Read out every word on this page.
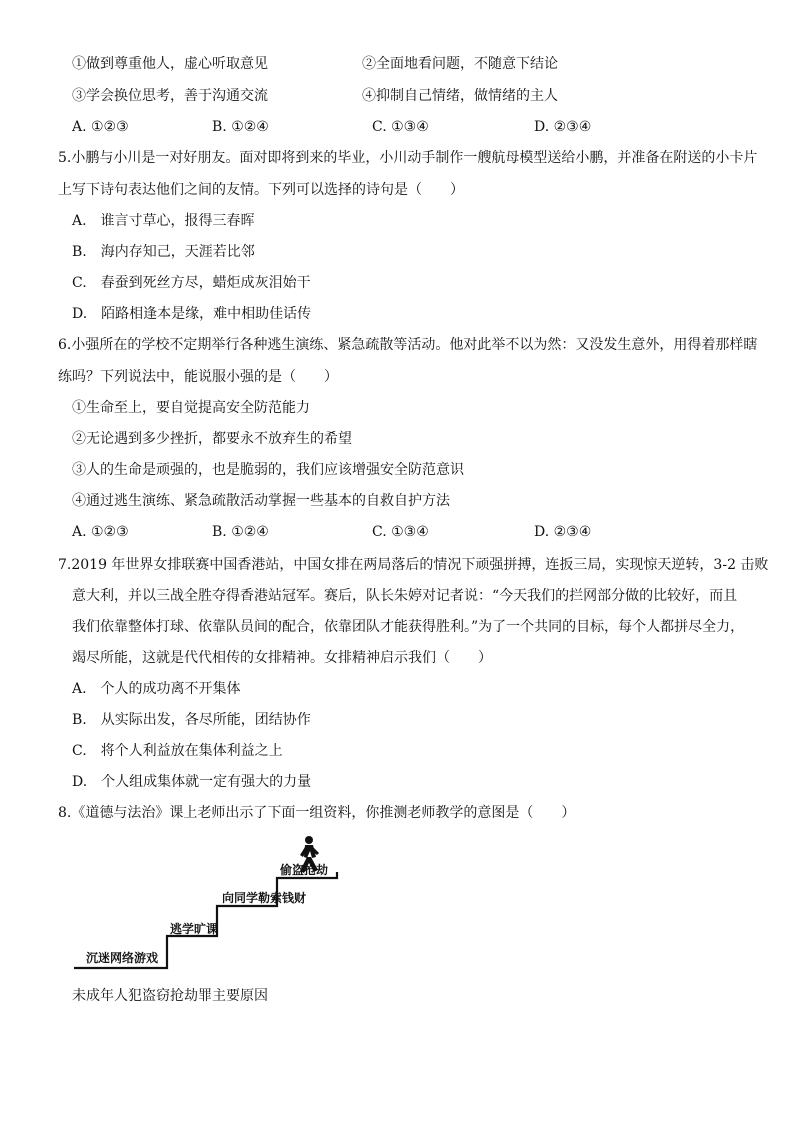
①做到尊重他人，虚心听取意见	②全面地看问题，不随意下结论
③学会换位思考，善于沟通交流	④抑制自己情绪，做情绪的主人
A. ①②③	B. ①②④	C. ①③④	D. ②③④
5.小鹏与小川是一对好朋友。面对即将到来的毕业，小川动手制作一艘航母模型送给小鹏，并准备在附送的小卡片
上写下诗句表达他们之间的友情。下列可以选择的诗句是（　　）
A.　谁言寸草心，报得三春晖
B.　海内存知己，天涯若比邻
C.　春蚕到死丝方尽，蜡炬成灰泪始干
D.　陌路相逢本是缘，难中相助佳话传
6.小强所在的学校不定期举行各种逃生演练、紧急疏散等活动。他对此举不以为然：又没发生意外，用得着那样瞎
练吗？下列说法中，能说服小强的是（　　）
①生命至上，要自觉提高安全防范能力
②无论遇到多少挫折，都要永不放弃生的希望
③人的生命是顽强的，也是脆弱的，我们应该增强安全防范意识
④通过逃生演练、紧急疏散活动掌握一些基本的自救自护方法
A. ①②③	B. ①②④	C. ①③④	D. ②③④
7.2019 年世界女排联赛中国香港站，中国女排在两局落后的情况下顽强拼搏，连扳三局，实现惊天逆转，3-2 击败
意大利，并以三战全胜夺得香港站冠军。赛后，队长朱婷对记者说：“今天我们的拦网部分做的比较好，而且
我们依靠整体打球、依靠队员间的配合，依靠团队才能获得胜利。”为了一个共同的目标，每个人都拼尽全力，
竭尽所能，这就是代代相传的女排精神。女排精神启示我们（　　）
A.　个人的成功离不开集体
B.　从实际出发，各尽所能，团结协作
C.　将个人利益放在集体利益之上
D.　个人组成集体就一定有强大的力量
8.《道德与法治》课上老师出示了下面一组资料，你推测老师教学的意图是（　　）
沉迷网络游戏
逃学旷课
向同学勒索钱财
偷盗抢劫
未成年人犯盗窃抢劫罪主要原因
